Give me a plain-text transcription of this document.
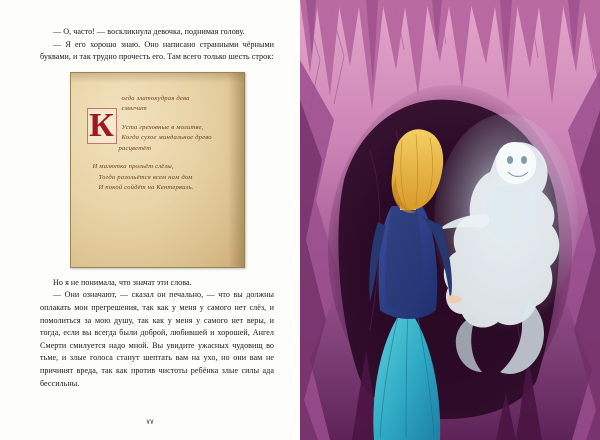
— О, часто! — воскликнула девочка, поднимая голову.

— Я его хорошо знаю. Оно написано странными чёрными буквами, и так трудно прочесть его. Там всего только шесть строк:

К
огда златокудрая дева
смягчит
Уста греховные в молитве,
Когда сухое миндальное древо
расцветёт
И малютка прольёт слёзы,
Тогда разольётся всем нам дом
И покой сойдёт на Кентервиль.

Но я не понимала, что значат эти слова.

— Они означают, — сказал он печально, — что вы должны оплакать мои прегрешения, так как у меня у самого нет слёз, и помолиться за мою душу, так как у меня у самого нет веры, и тогда, если вы всегда были доброй, любившей и хорошей, Ангел Смерти смилуется надо мной. Вы увидите ужасных чудовищ во тьме, и злые голоса станут шептать вам на ухо, но они вам не причинят вреда, так как против чистоты ребёнка злые силы ада бессильны.

٧٧
